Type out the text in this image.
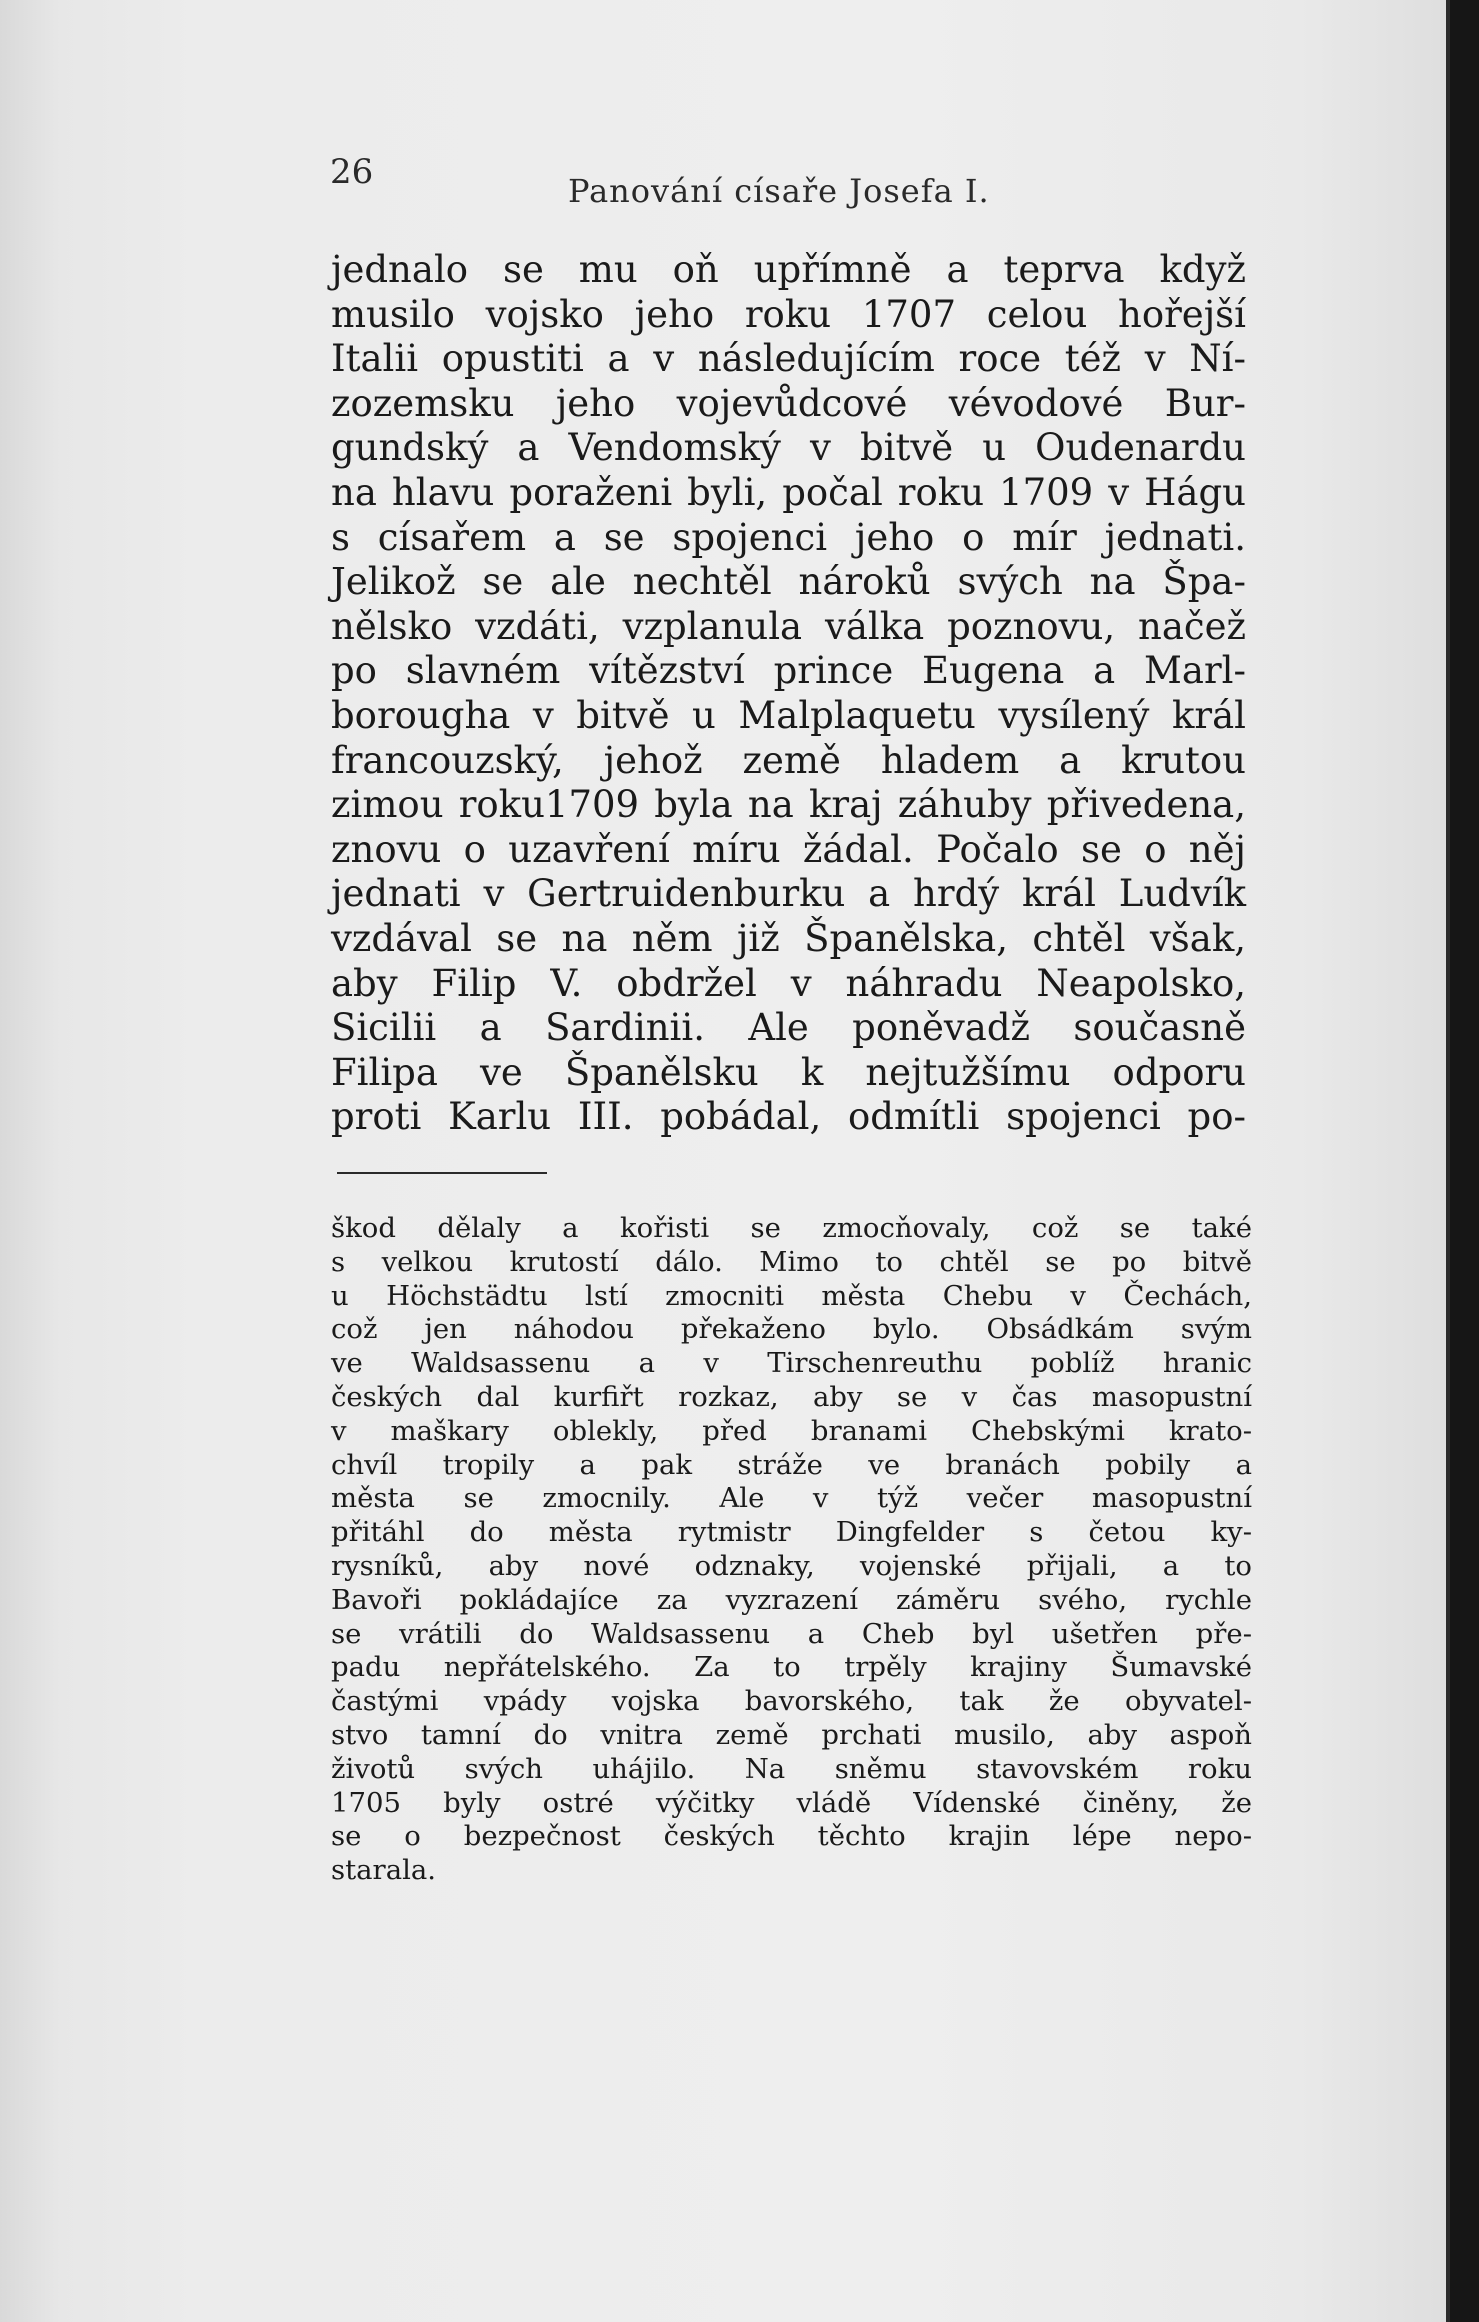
26	Panování císaře Josefa I.
jednalo se mu oň upřímně a teprva když
musilo vojsko jeho roku 1707 celou hořejší
Italii opustiti a v následujícím roce též v Ní-
zozemsku jeho vojevůdcové vévodové Bur-
gundský a Vendomský v bitvě u Oudenardu
na hlavu poraženi byli, počal roku 1709 v Hágu
s císařem a se spojenci jeho o mír jednati.
Jelikož se ale nechtěl nároků svých na Špa-
nělsko vzdáti, vzplanula válka poznovu, načež
po slavném vítězství prince Eugena a Marl-
borougha v bitvě u Malplaquetu vysílený král
francouzský, jehož země hladem a krutou
zimou roku1709 byla na kraj záhuby přivedena,
znovu o uzavření míru žádal. Počalo se o něj
jednati v Gertruidenburku a hrdý král Ludvík
vzdával se na něm již Španělska, chtěl však,
aby Filip V. obdržel v náhradu Neapolsko,
Sicilii a Sardinii. Ale poněvadž současně
Filipa ve Španělsku k nejtužšímu odporu
proti Karlu III. pobádal, odmítli spojenci po-
škod dělaly a kořisti se zmocňovaly, což se také
s velkou krutostí dálo. Mimo to chtěl se po bitvě
u Höchstädtu lstí zmocniti města Chebu v Čechách,
což jen náhodou překaženo bylo. Obsádkám svým
ve Waldsassenu a v Tirschenreuthu poblíž hranic
českých dal kurfiřt rozkaz, aby se v čas masopustní
v maškary oblekly, před branami Chebskými krato-
chvíl tropily a pak stráže ve branách pobily a
města se zmocnily. Ale v týž večer masopustní
přitáhl do města rytmistr Dingfelder s četou ky-
rysníků, aby nové odznaky, vojenské přijali, a to
Bavoři pokládajíce za vyzrazení záměru svého, rychle
se vrátili do Waldsassenu a Cheb byl ušetřen pře-
padu nepřátelského. Za to trpěly krajiny Šumavské
častými vpády vojska bavorského, tak že obyvatel-
stvo tamní do vnitra země prchati musilo, aby aspoň
životů svých uhájilo. Na sněmu stavovském roku
1705 byly ostré výčitky vládě Vídenské činěny, že
se o bezpečnost českých těchto krajin lépe nepo-
starala.
